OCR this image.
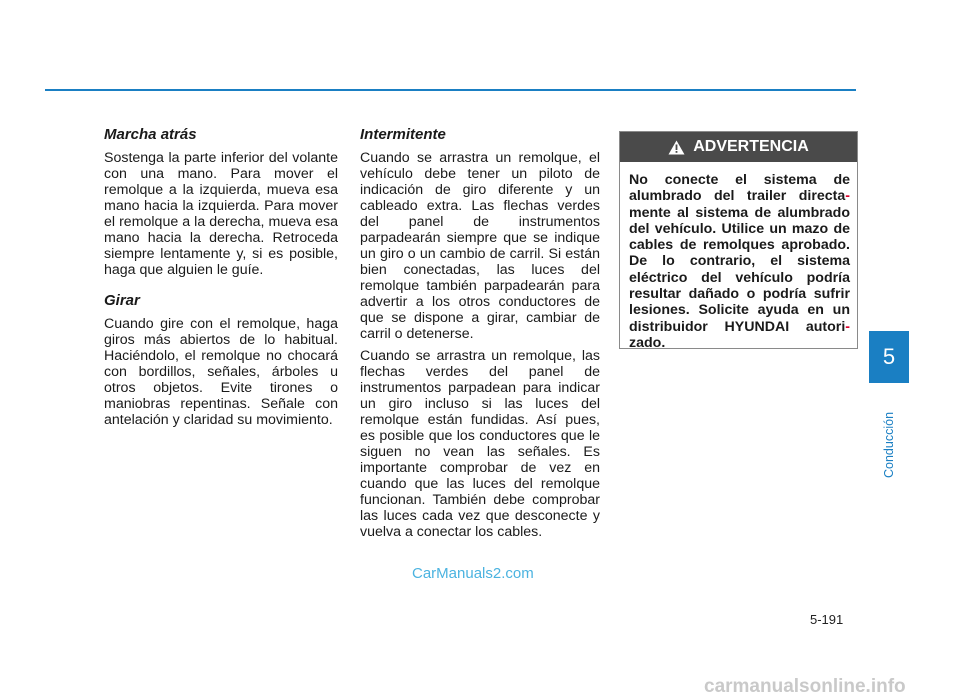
Marcha atrás

Sostenga la parte inferior del volante con una mano. Para mover el remolque a la izquierda, mueva esa mano hacia la izquierda. Para mover el remolque a la derecha, mueva esa mano hacia la derecha. Retroceda siempre lentamente y, si es posible, haga que alguien le guíe.

Girar

Cuando gire con el remolque, haga giros más abiertos de lo habitual. Haciéndolo, el remolque no chocará con bordillos, señales, árboles u otros objetos. Evite tirones o maniobras repentinas. Señale con antelación y claridad su movimiento.

Intermitente

Cuando se arrastra un remolque, el vehículo debe tener un piloto de indicación de giro diferente y un cableado extra. Las flechas verdes del panel de instrumentos parpadearán siempre que se indique un giro o un cambio de carril. Si están bien conectadas, las luces del remolque también parpadearán para advertir a los otros conductores de que se dispone a girar, cambiar de carril o detenerse.

Cuando se arrastra un remolque, las flechas verdes del panel de instrumentos parpadean para indicar un giro incluso si las luces del remolque están fundidas. Así pues, es posible que los conductores que le siguen no vean las señales. Es importante comprobar de vez en cuando que las luces del remolque funcionan. También debe comprobar las luces cada vez que desconecte y vuelva a conectar los cables.

ADVERTENCIA
No conecte el sistema de alumbrado del trailer directa- mente al sistema de alumbrado del vehículo. Utilice un mazo de cables de remolques aprobado. De lo contrario, el sistema eléctrico del vehículo podría resultar dañado o podría sufrir lesiones. Solicite ayuda en un distribuidor HYUNDAI autori- zado.
5
Conducción
CarManuals2.com
5-191
carmanualsonline.info
